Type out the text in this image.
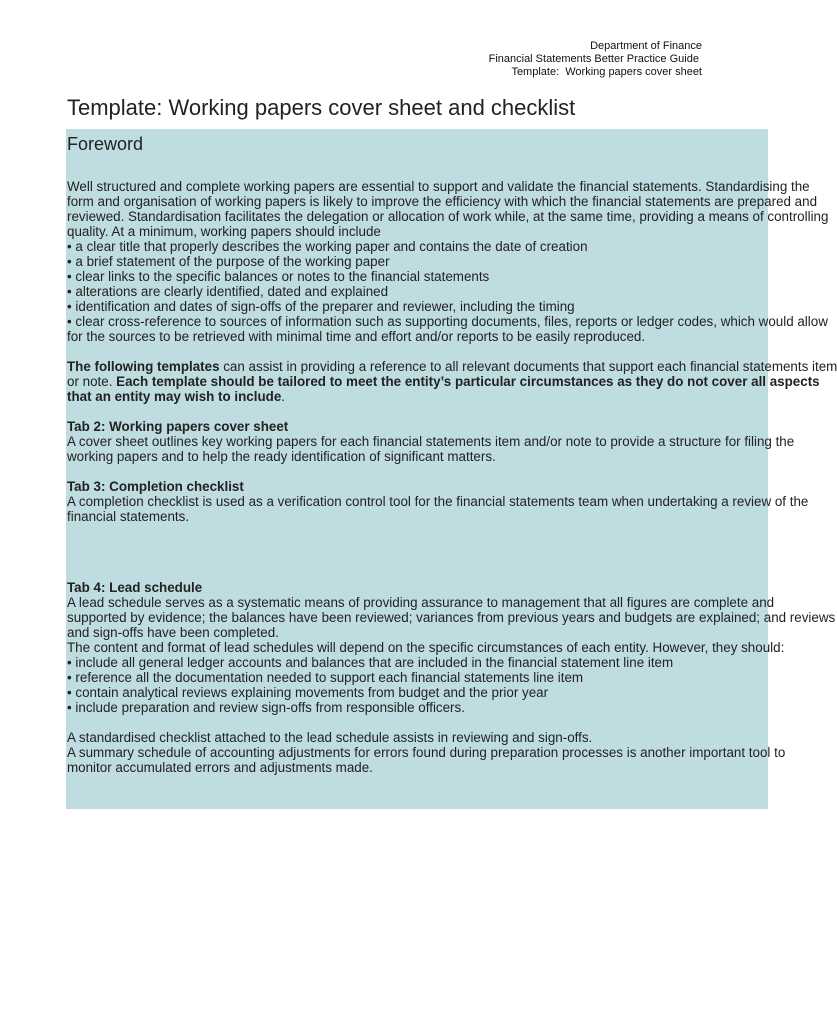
Department of Finance
Financial Statements Better Practice Guide
Template:  Working papers cover sheet
Template: Working papers cover sheet and checklist
Foreword
Well structured and complete working papers are essential to support and validate the financial statements. Standardising the
form and organisation of working papers is likely to improve the efficiency with which the financial statements are prepared and
reviewed. Standardisation facilitates the delegation or allocation of work while, at the same time, providing a means of controlling
quality. At a minimum, working papers should include
• a clear title that properly describes the working paper and contains the date of creation
• a brief statement of the purpose of the working paper
• clear links to the specific balances or notes to the financial statements
• alterations are clearly identified, dated and explained
• identification and dates of sign-offs of the preparer and reviewer, including the timing
• clear cross-reference to sources of information such as supporting documents, files, reports or ledger codes, which would allow
for the sources to be retrieved with minimal time and effort and/or reports to be easily reproduced.
The following templates can assist in providing a reference to all relevant documents that support each financial statements item
or note. Each template should be tailored to meet the entity’s particular circumstances as they do not cover all aspects
that an entity may wish to include.
Tab 2: Working papers cover sheet
A cover sheet outlines key working papers for each financial statements item and/or note to provide a structure for filing the
working papers and to help the ready identification of significant matters.
Tab 3: Completion checklist
A completion checklist is used as a verification control tool for the financial statements team when undertaking a review of the
financial statements.
Tab 4: Lead schedule
A lead schedule serves as a systematic means of providing assurance to management that all figures are complete and
supported by evidence; the balances have been reviewed; variances from previous years and budgets are explained; and reviews
and sign-offs have been completed.
The content and format of lead schedules will depend on the specific circumstances of each entity. However, they should:
• include all general ledger accounts and balances that are included in the financial statement line item
• reference all the documentation needed to support each financial statements line item
• contain analytical reviews explaining movements from budget and the prior year
• include preparation and review sign-offs from responsible officers.
A standardised checklist attached to the lead schedule assists in reviewing and sign-offs.
A summary schedule of accounting adjustments for errors found during preparation processes is another important tool to
monitor accumulated errors and adjustments made.
